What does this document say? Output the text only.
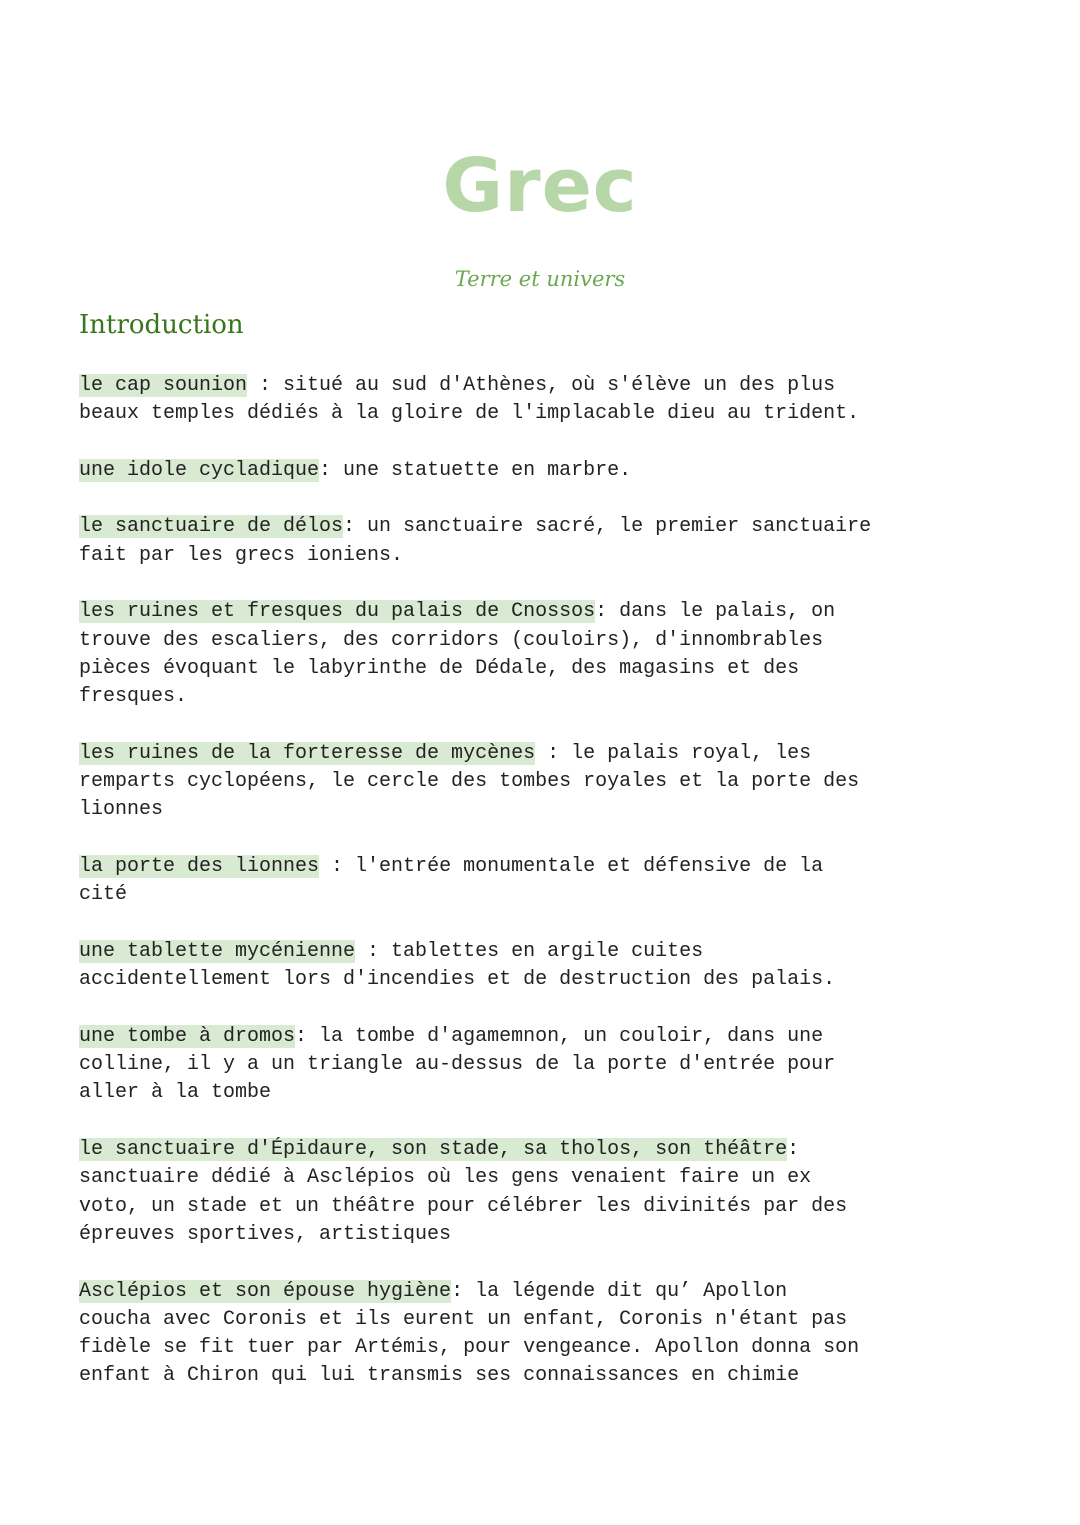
Grec
Terre et univers
Introduction
le cap sounion : situé au sud d'Athènes, où s'élève un des plus
beaux temples dédiés à la gloire de l'implacable dieu au trident.
une idole cycladique: une statuette en marbre.
le sanctuaire de délos: un sanctuaire sacré, le premier sanctuaire
fait par les grecs ioniens.
les ruines et fresques du palais de Cnossos: dans le palais, on
trouve des escaliers, des corridors (couloirs), d'innombrables
pièces évoquant le labyrinthe de Dédale, des magasins et des
fresques.
les ruines de la forteresse de mycènes : le palais royal, les
remparts cyclopéens, le cercle des tombes royales et la porte des
lionnes
la porte des lionnes : l'entrée monumentale et défensive de la
cité
une tablette mycénienne : tablettes en argile cuites
accidentellement lors d'incendies et de destruction des palais.
une tombe à dromos: la tombe d'agamemnon, un couloir, dans une
colline, il y a un triangle au-dessus de la porte d'entrée pour
aller à la tombe
le sanctuaire d'Épidaure, son stade, sa tholos, son théâtre:
sanctuaire dédié à Asclépios où les gens venaient faire un ex
voto, un stade et un théâtre pour célébrer les divinités par des
épreuves sportives, artistiques
Asclépios et son épouse hygiène: la légende dit qu’ Apollon
coucha avec Coronis et ils eurent un enfant, Coronis n'étant pas
fidèle se fit tuer par Artémis, pour vengeance. Apollon donna son
enfant à Chiron qui lui transmis ses connaissances en chimie
